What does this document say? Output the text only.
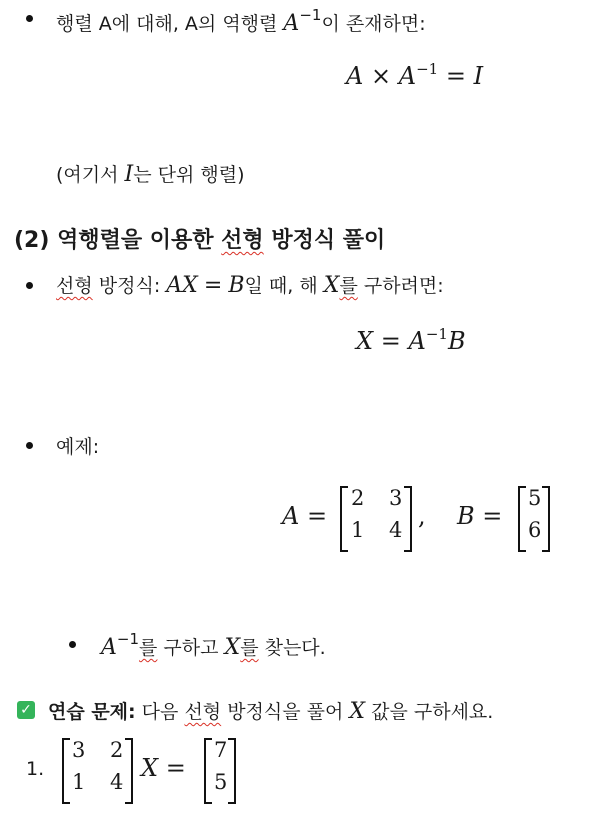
행렬 A에 대해, A의 역행렬 $A^{-1}$이 존재하면:
$A \times A^{-1} = I$
(여기서 I는 단위 행렬)
(2) 역행렬을 이용한 선형 방정식 풀이
선형 방정식: AX = B일 때, 해 X를 구하려면:
$X = A^{-1}B$
예제:
A =
2 3
1 4 , B =
5
6
$A^{-1}$를 구하고 X를 찾는다.
✓ 연습 문제: 다음 선형 방정식을 풀어 X 값을 구하세요.
1.
3 2
1 4 X =
7
5
